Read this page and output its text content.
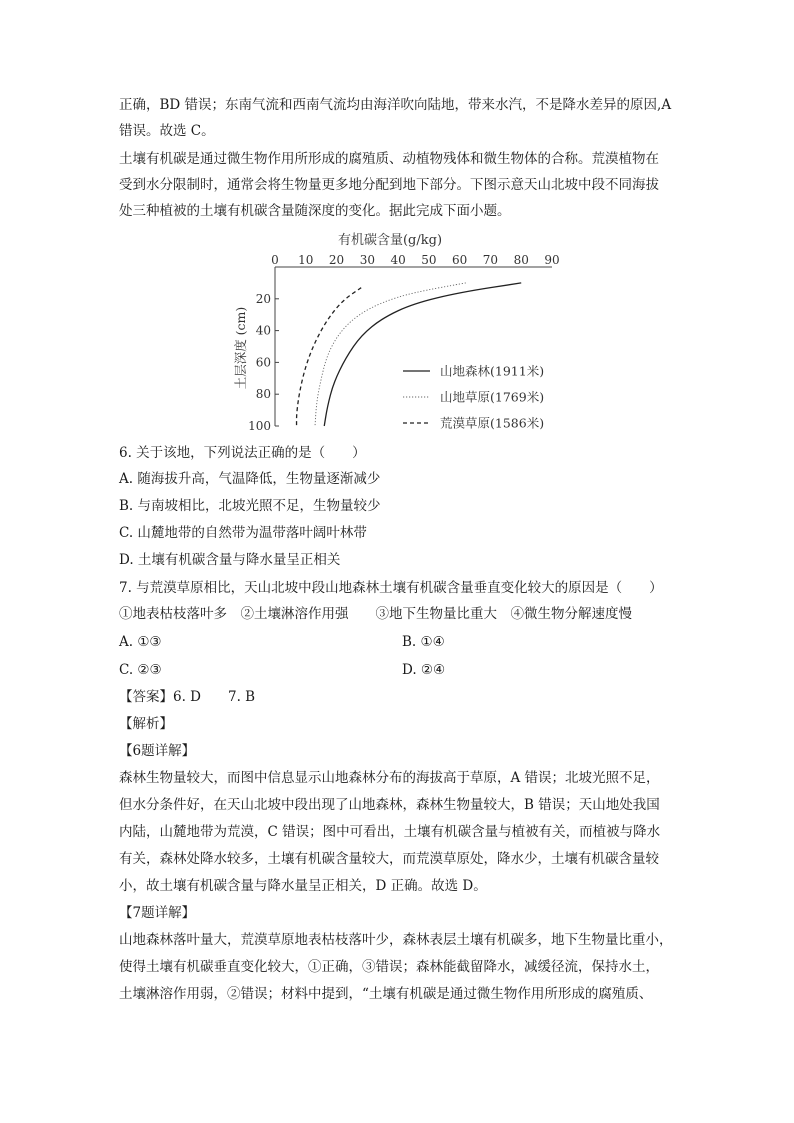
正确，BD 错误；东南气流和西南气流均由海洋吹向陆地，带来水汽，不是降水差异的原因,A

错误。故选 C。

土壤有机碳是通过微生物作用所形成的腐殖质、动植物残体和微生物体的合称。荒漠植物在

受到水分限制时，通常会将生物量更多地分配到地下部分。下图示意天山北坡中段不同海拔

处三种植被的土壤有机碳含量随深度的变化。据此完成下面小题。

有机碳含量(g/kg)
0 10 20 30 40 50 60 70 80 90
20
40
60
80
100
土层深度 (cm)	山地森林(1911米)
山地草原(1769米)
荒漠草原(1586米)

6. 关于该地，下列说法正确的是（　　）

A. 随海拔升高，气温降低，生物量逐渐减少

B. 与南坡相比，北坡光照不足，生物量较少

C. 山麓地带的自然带为温带落叶阔叶林带

D. 土壤有机碳含量与降水量呈正相关

7. 与荒漠草原相比，天山北坡中段山地森林土壤有机碳含量垂直变化较大的原因是（　　）

①地表枯枝落叶多　②土壤淋溶作用强　　③地下生物量比重大　④微生物分解速度慢

A. ①③	B. ①④
C. ②③	D. ②④

【答案】6. D　　7. B

【解析】

【6题详解】

森林生物量较大，而图中信息显示山地森林分布的海拔高于草原，A 错误；北坡光照不足，

但水分条件好，在天山北坡中段出现了山地森林，森林生物量较大，B 错误；天山地处我国

内陆，山麓地带为荒漠，C 错误；图中可看出，土壤有机碳含量与植被有关，而植被与降水

有关，森林处降水较多，土壤有机碳含量较大，而荒漠草原处，降水少，土壤有机碳含量较

小，故土壤有机碳含量与降水量呈正相关，D 正确。故选 D。

【7题详解】

山地森林落叶量大，荒漠草原地表枯枝落叶少，森林表层土壤有机碳多，地下生物量比重小，

使得土壤有机碳垂直变化较大，①正确，③错误；森林能截留降水，减缓径流，保持水土，

土壤淋溶作用弱，②错误；材料中提到，“土壤有机碳是通过微生物作用所形成的腐殖质、
